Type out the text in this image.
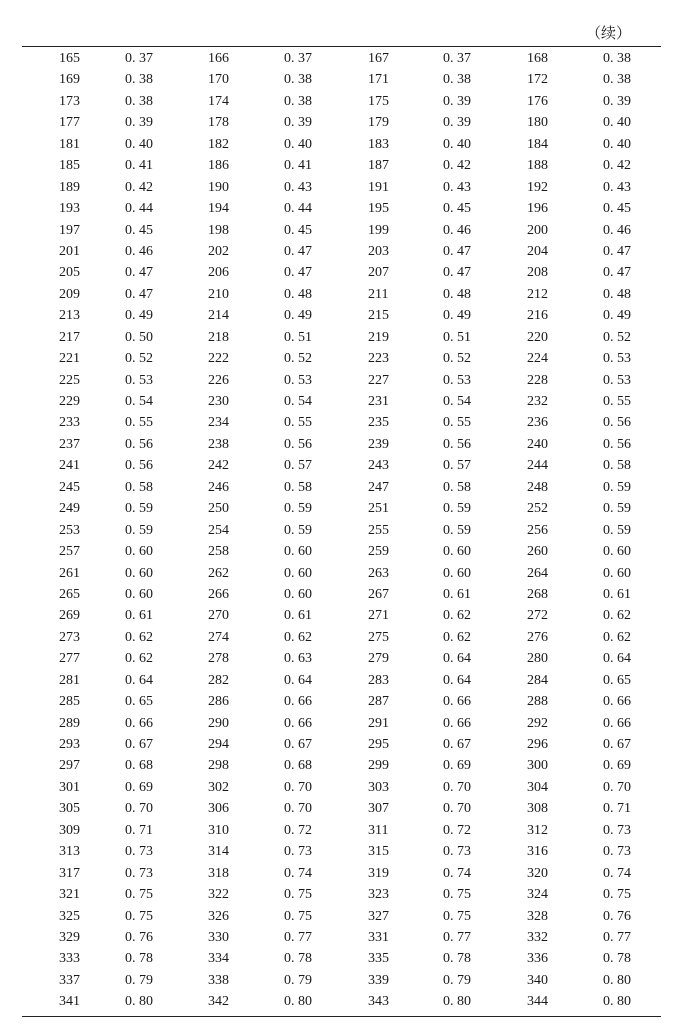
（续）
165	0. 37	166	0. 37	167	0. 37	168	0. 38
169	0. 38	170	0. 38	171	0. 38	172	0. 38
173	0. 38	174	0. 38	175	0. 39	176	0. 39
177	0. 39	178	0. 39	179	0. 39	180	0. 40
181	0. 40	182	0. 40	183	0. 40	184	0. 40
185	0. 41	186	0. 41	187	0. 42	188	0. 42
189	0. 42	190	0. 43	191	0. 43	192	0. 43
193	0. 44	194	0. 44	195	0. 45	196	0. 45
197	0. 45	198	0. 45	199	0. 46	200	0. 46
201	0. 46	202	0. 47	203	0. 47	204	0. 47
205	0. 47	206	0. 47	207	0. 47	208	0. 47
209	0. 47	210	0. 48	211	0. 48	212	0. 48
213	0. 49	214	0. 49	215	0. 49	216	0. 49
217	0. 50	218	0. 51	219	0. 51	220	0. 52
221	0. 52	222	0. 52	223	0. 52	224	0. 53
225	0. 53	226	0. 53	227	0. 53	228	0. 53
229	0. 54	230	0. 54	231	0. 54	232	0. 55
233	0. 55	234	0. 55	235	0. 55	236	0. 56
237	0. 56	238	0. 56	239	0. 56	240	0. 56
241	0. 56	242	0. 57	243	0. 57	244	0. 58
245	0. 58	246	0. 58	247	0. 58	248	0. 59
249	0. 59	250	0. 59	251	0. 59	252	0. 59
253	0. 59	254	0. 59	255	0. 59	256	0. 59
257	0. 60	258	0. 60	259	0. 60	260	0. 60
261	0. 60	262	0. 60	263	0. 60	264	0. 60
265	0. 60	266	0. 60	267	0. 61	268	0. 61
269	0. 61	270	0. 61	271	0. 62	272	0. 62
273	0. 62	274	0. 62	275	0. 62	276	0. 62
277	0. 62	278	0. 63	279	0. 64	280	0. 64
281	0. 64	282	0. 64	283	0. 64	284	0. 65
285	0. 65	286	0. 66	287	0. 66	288	0. 66
289	0. 66	290	0. 66	291	0. 66	292	0. 66
293	0. 67	294	0. 67	295	0. 67	296	0. 67
297	0. 68	298	0. 68	299	0. 69	300	0. 69
301	0. 69	302	0. 70	303	0. 70	304	0. 70
305	0. 70	306	0. 70	307	0. 70	308	0. 71
309	0. 71	310	0. 72	311	0. 72	312	0. 73
313	0. 73	314	0. 73	315	0. 73	316	0. 73
317	0. 73	318	0. 74	319	0. 74	320	0. 74
321	0. 75	322	0. 75	323	0. 75	324	0. 75
325	0. 75	326	0. 75	327	0. 75	328	0. 76
329	0. 76	330	0. 77	331	0. 77	332	0. 77
333	0. 78	334	0. 78	335	0. 78	336	0. 78
337	0. 79	338	0. 79	339	0. 79	340	0. 80
341	0. 80	342	0. 80	343	0. 80	344	0. 80
